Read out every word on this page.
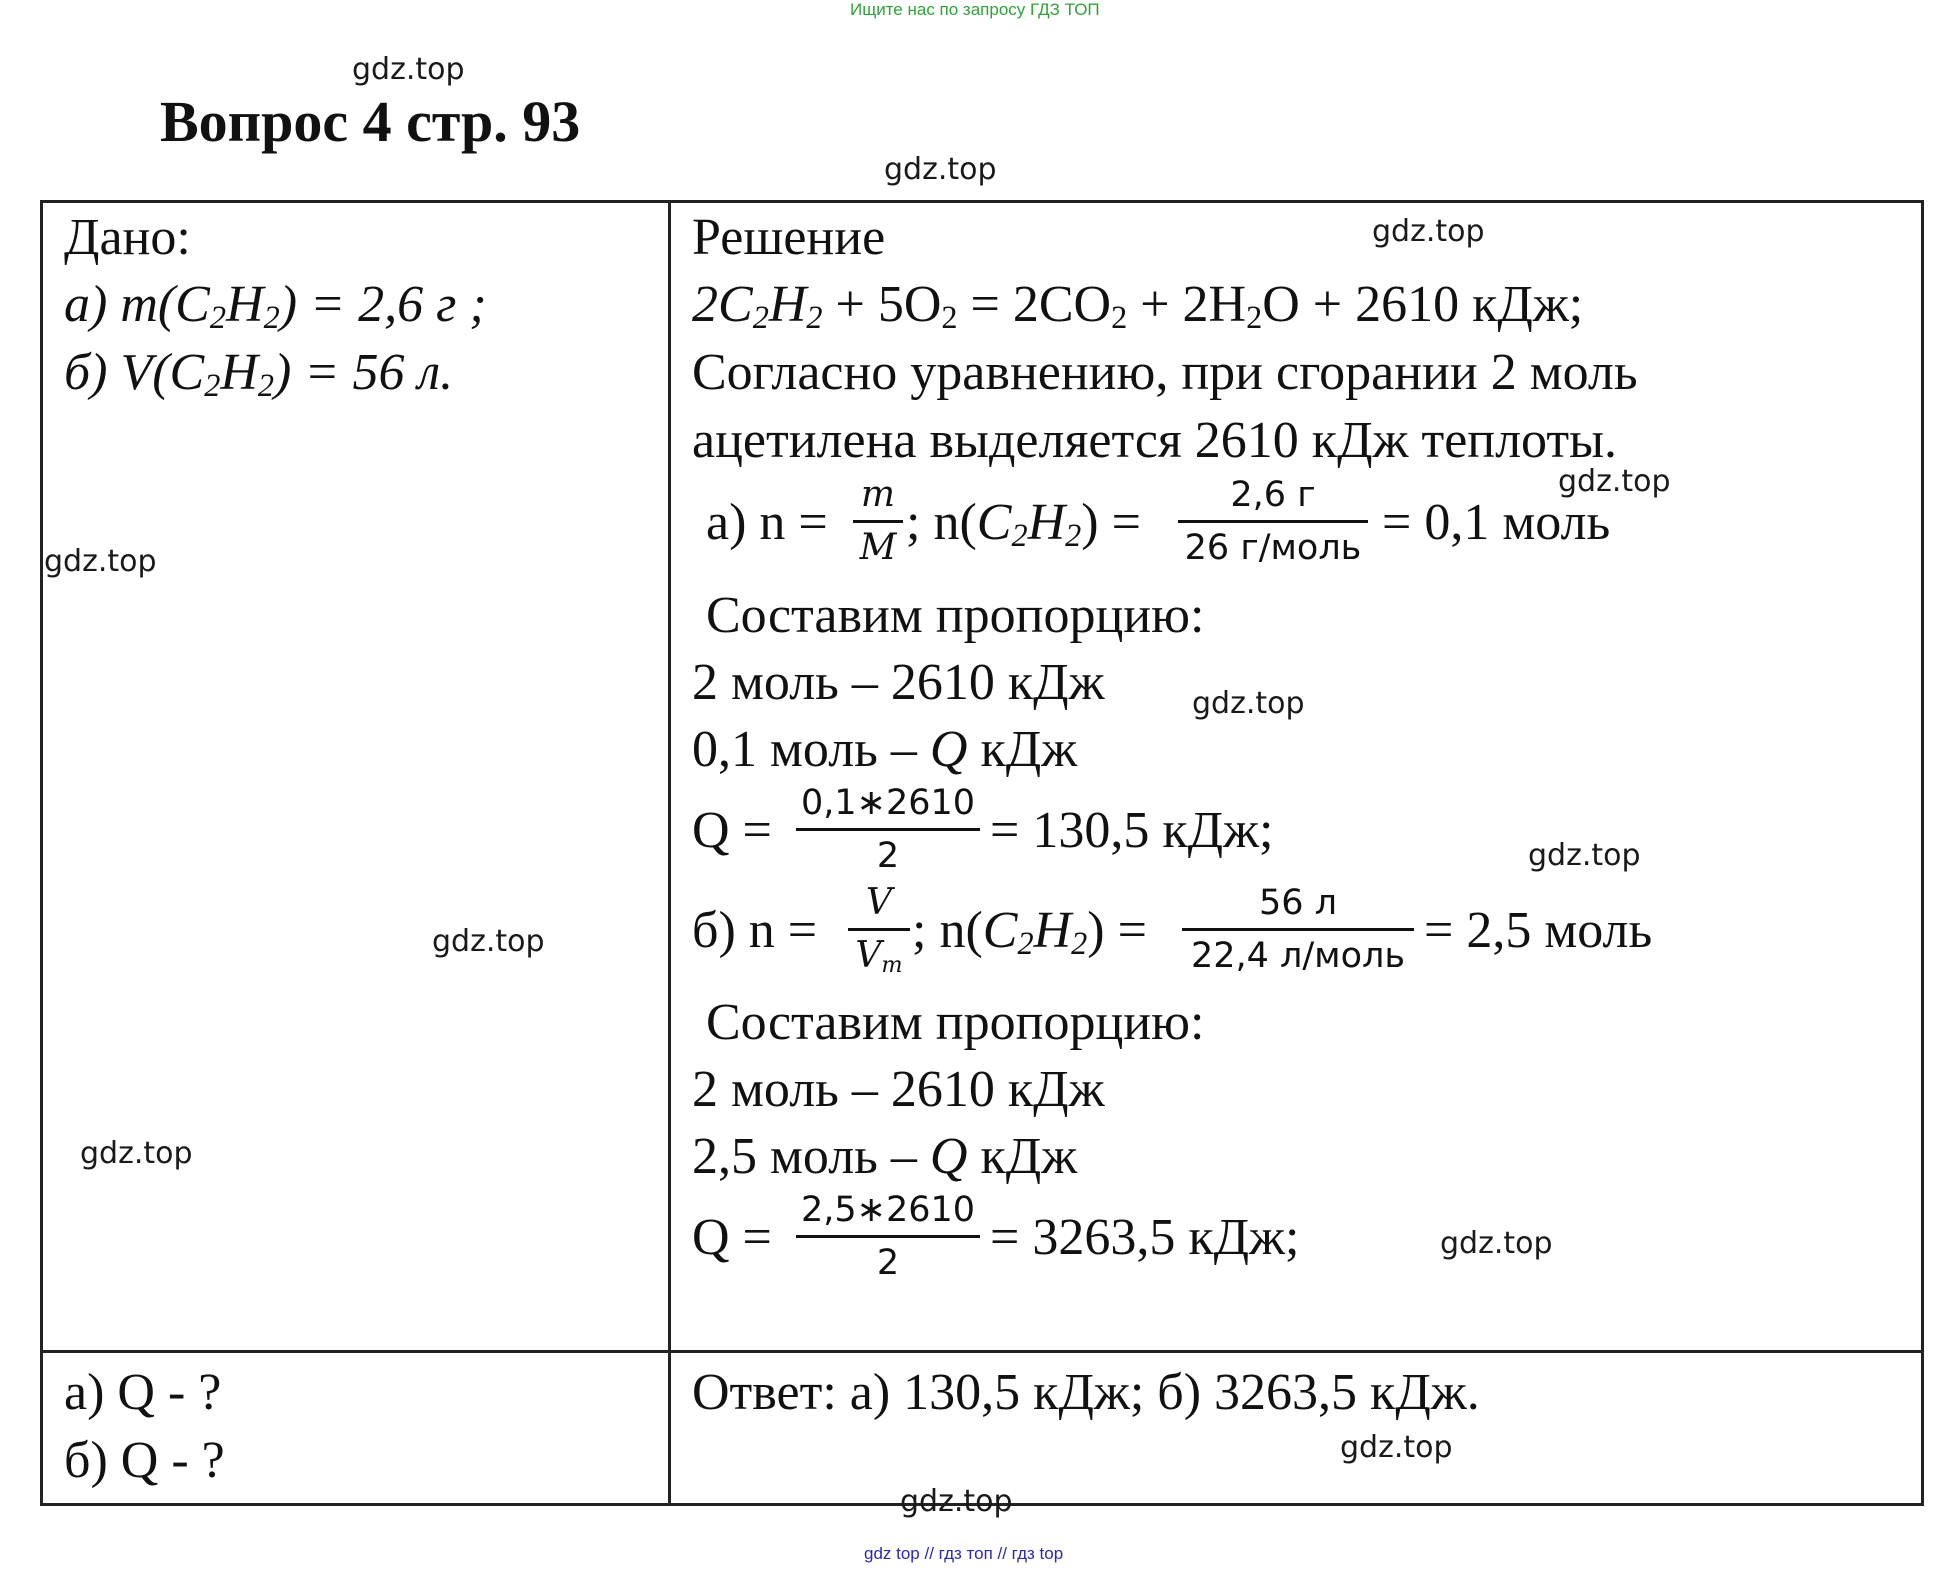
Ищите нас по запросу ГДЗ ТОП
Вопрос 4 стр. 93
Дано:
а) $m(C_2H_2) = 2,6$ г ;
б) $V(C_2H_2) = 56$ л.
а) Q - ?
б) Q - ?
Решение
$2C_2H_2 + 5O_2 = 2CO_2 + 2H_2O + 2610$ кДж;
Согласно уравнению, при сгорании 2 моль
ацетилена выделяется 2610 кДж теплоты.
а) n = m
M ; $n(C_2H_2)$ =	2,6 г
26 г/моль = 0,1 моль
Составим пропорцию:
2 моль – 2610 кДж
0,1 моль – Q кДж
Q = 0,1∗2610
2	= 130,5 кДж;
б) n =	V
$V_m$
; $n(C_2H_2)$ =	56 л
22,4 л/моль = 2,5 моль
Составим пропорцию:
2 моль – 2610 кДж
2,5 моль – Q кДж
Q = 2,5∗2610
2	= 3263,5 кДж;
Ответ: а) 130,5 кДж; б) 3263,5 кДж.
gdz.top
gdz.top
gdz.top
gdz.top
gdz.top
gdz.top
gdz.top
gdz.top
gdz.top
gdz.top
gdz.top
gdz.top
gdz top // гдз топ // гдз top
